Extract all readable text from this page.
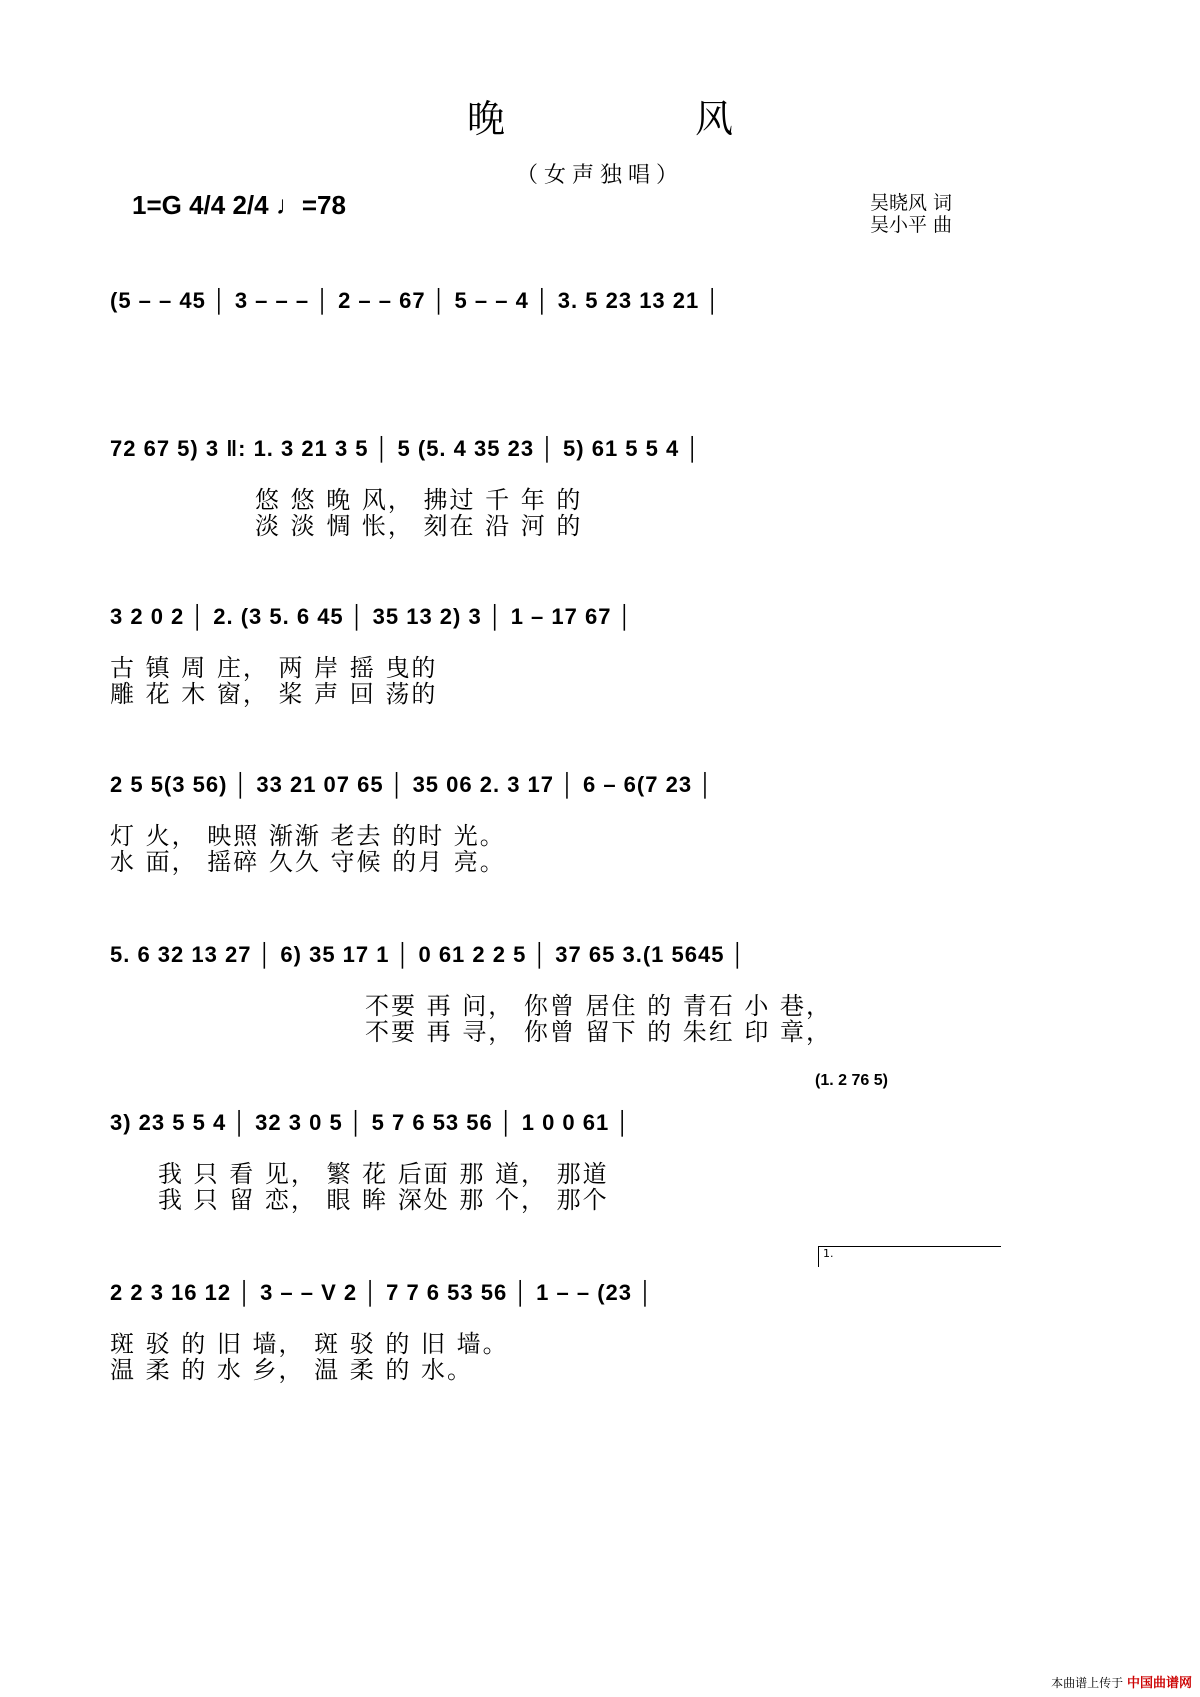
晚	风
（女声独唱）
1=G 4/4 2/4 ♩=78	吴晓风 词
吴小平 曲
(5 – – 45 │ 3 – – – │ 2 – – 67 │ 5 – – 4 │ 3. 5 23 13 21 │
72 67 5) 3 ‖: 1. 3 21 3 5 │ 5 (5. 4 35 23 │ 5) 61 5 5 4 │
悠 悠 晚 风， 拂过 千 年 的
淡 淡 惆 怅， 刻在 沿 河 的
3 2 0 2 │ 2. (3 5. 6 45 │ 35 13 2) 3 │ 1 – 17 67 │
古 镇 周 庄， 两 岸 摇 曳的
雕 花 木 窗， 桨 声 回 荡的
2 5 5(3 56) │ 33 21 07 65 │ 35 06 2. 3 17 │ 6 – 6(7 23 │
灯 火， 映照 渐渐 老去 的时 光。
水 面， 摇碎 久久 守候 的月 亮。
5. 6 32 13 27 │ 6) 35 17 1 │ 0 61 2 2 5 │ 37 65 3.(1 5645 │
不要 再 问， 你曾 居住 的 青石 小 巷，
不要 再 寻， 你曾 留下 的 朱红 印 章，
(1. 2 76 5)
3) 23 5 5 4 │ 32 3 0 5 │ 5 7 6 53 56 │ 1 0 0 61 │
我 只 看 见， 繁 花 后面 那 道， 那道
我 只 留 恋， 眼 眸 深处 那 个， 那个
1.
2 2 3 16 12 │ 3 – – V 2 │ 7 7 6 53 56 │ 1 – – (23 │
斑 驳 的 旧 墙， 斑 驳 的 旧 墙。
温 柔 的 水 乡， 温 柔 的 水。
本曲谱上传于 中国曲谱网
